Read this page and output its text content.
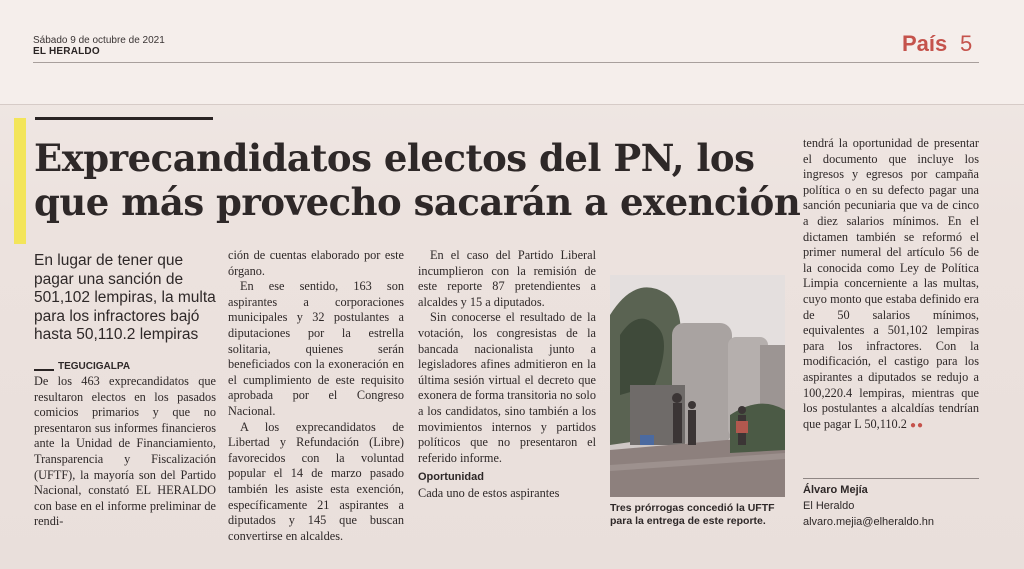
Sábado 9 de octubre de 2021
EL HERALDO	País 5
Exprecandidatos electos del PN, los
que más provecho sacarán a exención
En lugar de tener que pagar una sanción de 501,102 lempiras, la multa para los infractores bajó hasta 50,110.2 lempiras
TEGUCIGALPA

De los 463 exprecandidatos que resultaron electos en los pasados comicios primarios y que no presentaron sus informes financieros ante la Unidad de Financiamiento, Transparencia y Fiscalización (UFTF), la mayoría son del Partido Nacional, constató EL HERALDO con base en el informe preliminar de rendi-

ción de cuentas elaborado por este órgano.

En ese sentido, 163 son aspirantes a corporaciones municipales y 32 postulantes a diputaciones por la estrella solitaria, quienes serán beneficiados con la exoneración en el cumplimiento de este requisito aprobada por el Congreso Nacional.

A los exprecandidatos de Libertad y Refundación (Libre) favorecidos con la voluntad popular el 14 de marzo pasado también les asiste esta exención, específicamente 21 aspirantes a diputados y 145 que buscan convertirse en alcaldes.

En el caso del Partido Liberal incumplieron con la remisión de este reporte 87 pretendientes a alcaldes y 15 a diputados.

Sin conocerse el resultado de la votación, los congresistas de la bancada nacionalista junto a legisladores afines admitieron en la última sesión virtual el decreto que exonera de forma transitoria no solo a los candidatos, sino también a los movimientos internos y partidos políticos que no presentaron el referido informe.

Oportunidad

Cada uno de estos aspirantes

Tres prórrogas concedió la UFTF para la entrega de este reporte.

tendrá la oportunidad de presentar el documento que incluye los ingresos y egresos por campaña política o en su defecto pagar una sanción pecuniaria que va de cinco a diez salarios mínimos. En el dictamen también se reformó el primer numeral del artículo 56 de la conocida como Ley de Política Limpia concerniente a las multas, cuyo monto que estaba definido era de 50 salarios mínimos, equivalentes a 501,102 lempiras para los infractores. Con la modificación, el castigo para los aspirantes a diputados se redujo a 100,220.4 lempiras, mientras que los postulantes a alcaldías tendrían que pagar L 50,110.2 ●●

Álvaro Mejía
El Heraldo
alvaro.mejia@elheraldo.hn
